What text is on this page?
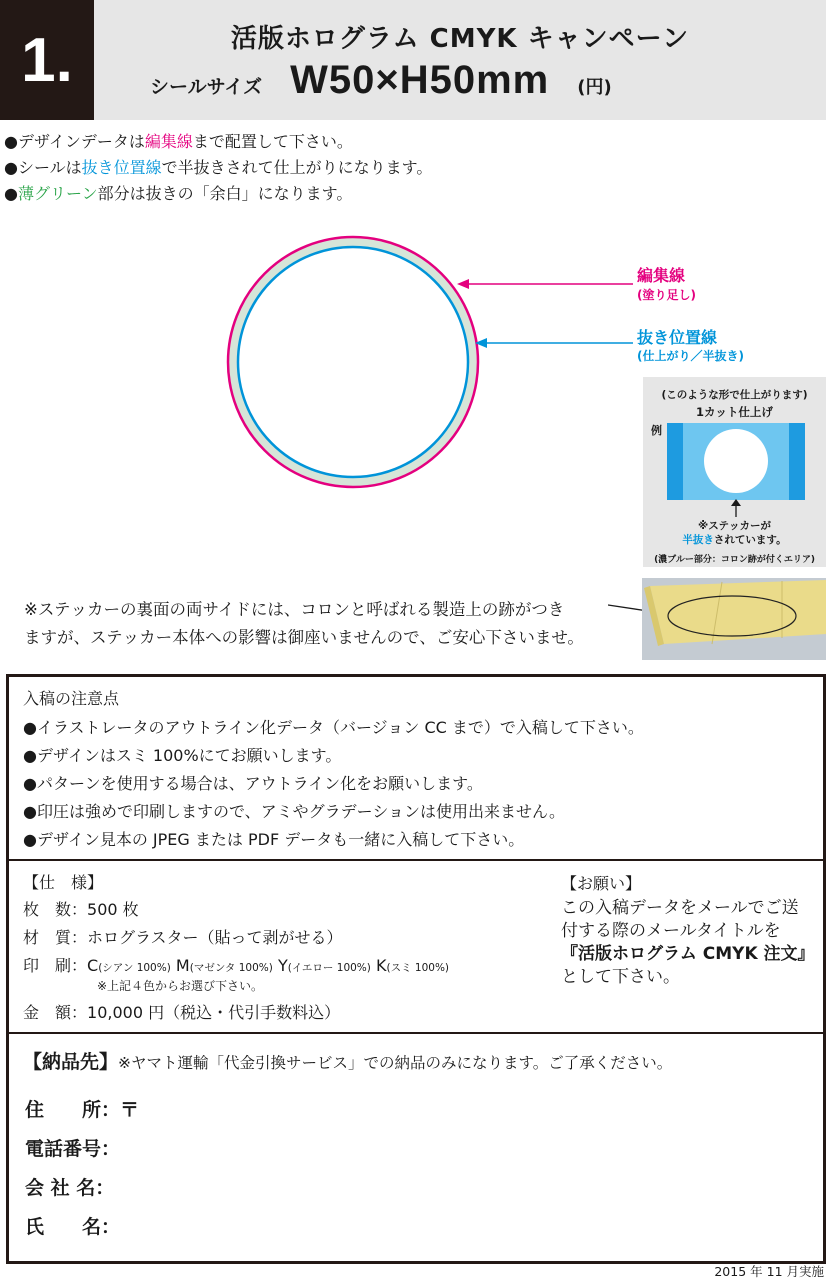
1.	活版ホログラム CMYK キャンペーン
シールサイズ W50×H50mm (円)
●デザインデータは編集線まで配置して下さい。
●シールは抜き位置線で半抜きされて仕上がりになります。
●薄グリーン部分は抜きの「余白」になります。
編集線
(塗り足し)
抜き位置線
(仕上がり／半抜き)
(このような形で仕上がります)
1カット仕上げ
例
※ステッカーが
半抜きされています。
(濃ブルー部分：コロン跡が付くエリア)
※ステッカーの裏面の両サイドには、コロンと呼ばれる製造上の跡がつき
ますが、ステッカー本体への影響は御座いませんので、ご安心下さいませ。
入稿の注意点
●イラストレータのアウトライン化データ（バージョン CC まで）で入稿して下さい。
●デザインはスミ 100%にてお願いします。
●パターンを使用する場合は、アウトライン化をお願いします。
●印圧は強めで印刷しますので、アミやグラデーションは使用出来ません。
●デザイン見本の JPEG または PDF データも一緒に入稿して下さい。
【仕　様】
枚　数：500 枚
材　質：ホログラスター（貼って剥がせる）
印　刷：C(シアン 100%) M(マゼンタ 100%) Y(イエロー 100%) K(スミ 100%)
※上記４色からお選び下さい。
金　額：10,000 円（税込・代引手数料込）
【お願い】
この入稿データをメールでご送
付する際のメールタイトルを
『活版ホログラム CMYK 注文』
として下さい。
【納品先】※ヤマト運輸「代金引換サービス」での納品のみになります。ご了承ください。
住　　所：〒
電話番号：
会 社 名：
氏　　名：
2015 年 11 月実施
